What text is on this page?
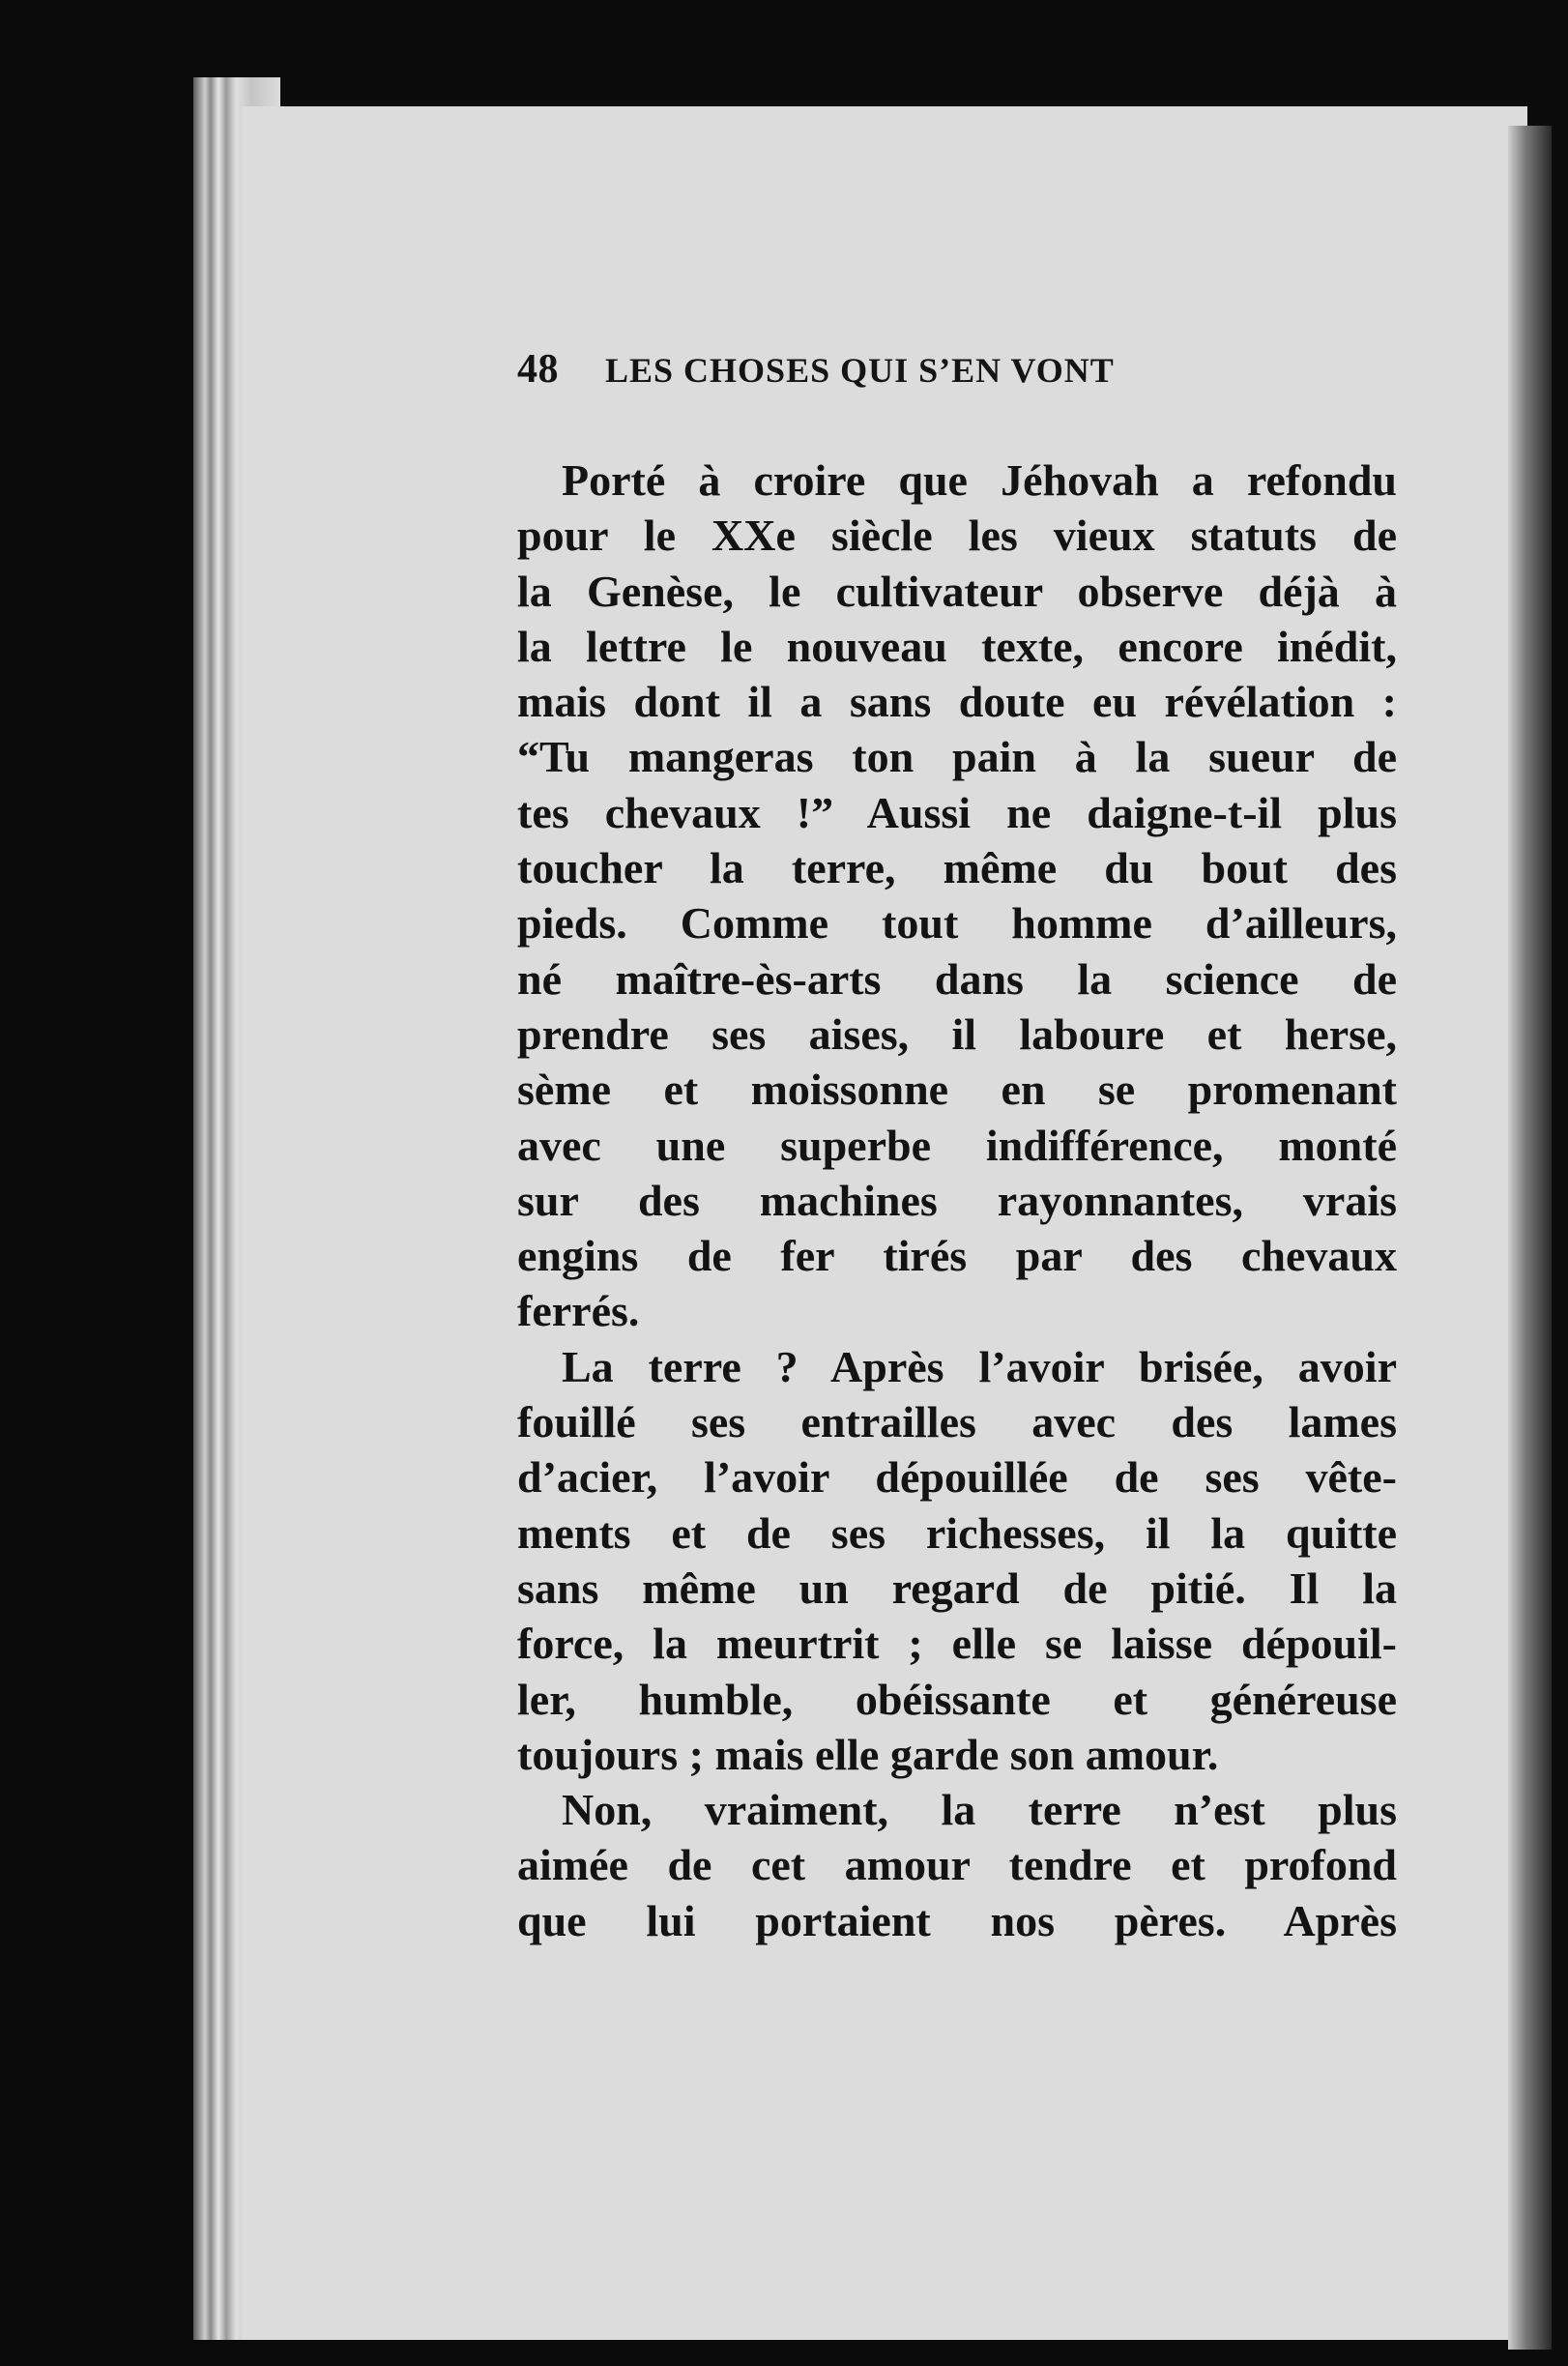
48 LES CHOSES QUI S’EN VONT
Porté à croire que Jéhovah a refondu
pour le XXe siècle les vieux statuts de
la Genèse, le cultivateur observe déjà à
la lettre le nouveau texte, encore inédit,
mais dont il a sans doute eu révélation :
“Tu mangeras ton pain à la sueur de
tes chevaux !” Aussi ne daigne-t-il plus
toucher la terre, même du bout des
pieds. Comme tout homme d’ailleurs,
né maître-ès-arts dans la science de
prendre ses aises, il laboure et herse,
sème et moissonne en se promenant
avec une superbe indifférence, monté
sur des machines rayonnantes, vrais
engins de fer tirés par des chevaux
ferrés.
La terre ? Après l’avoir brisée, avoir
fouillé ses entrailles avec des lames
d’acier, l’avoir dépouillée de ses vête-
ments et de ses richesses, il la quitte
sans même un regard de pitié. Il la
force, la meurtrit ; elle se laisse dépouil-
ler, humble, obéissante et généreuse
toujours ; mais elle garde son amour.
Non, vraiment, la terre n’est plus
aimée de cet amour tendre et profond
que lui portaient nos pères. Après
